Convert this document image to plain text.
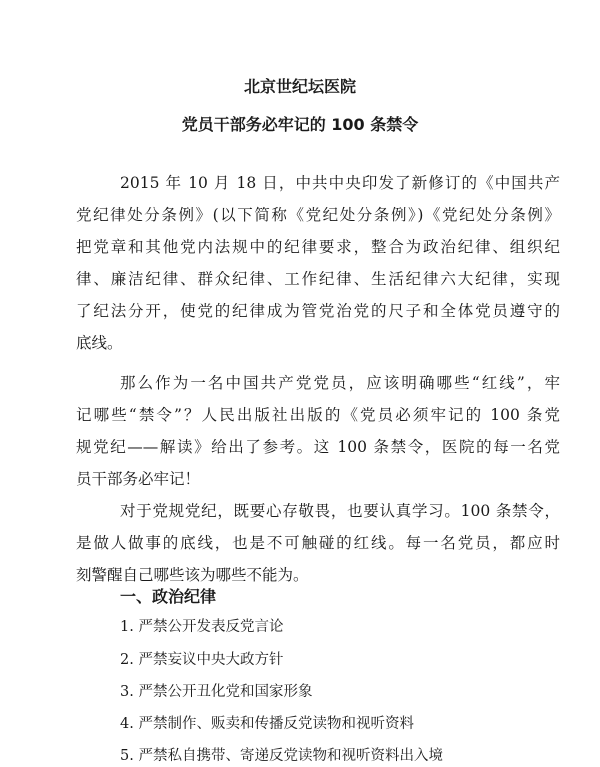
北京世纪坛医院
党员干部务必牢记的 100 条禁令
2015 年 10 月 18 日，中共中央印发了新修订的《中国共产
党纪律处分条例》(以下简称《党纪处分条例》)《党纪处分条例》
把党章和其他党内法规中的纪律要求，整合为政治纪律、组织纪
律、廉洁纪律、群众纪律、工作纪律、生活纪律六大纪律，实现
了纪法分开，使党的纪律成为管党治党的尺子和全体党员遵守的
底线。
那么作为一名中国共产党党员，应该明确哪些“红线”，牢
记哪些“禁令”？人民出版社出版的《党员必须牢记的 100 条党
规党纪——解读》给出了参考。这 100 条禁令，医院的每一名党
员干部务必牢记！
对于党规党纪，既要心存敬畏，也要认真学习。100 条禁令，
是做人做事的底线，也是不可触碰的红线。每一名党员，都应时
刻警醒自己哪些该为哪些不能为。
一、政治纪律
1. 严禁公开发表反党言论
2. 严禁妄议中央大政方针
3. 严禁公开丑化党和国家形象
4. 严禁制作、贩卖和传播反党读物和视听资料
5. 严禁私自携带、寄递反党读物和视听资料出入境
